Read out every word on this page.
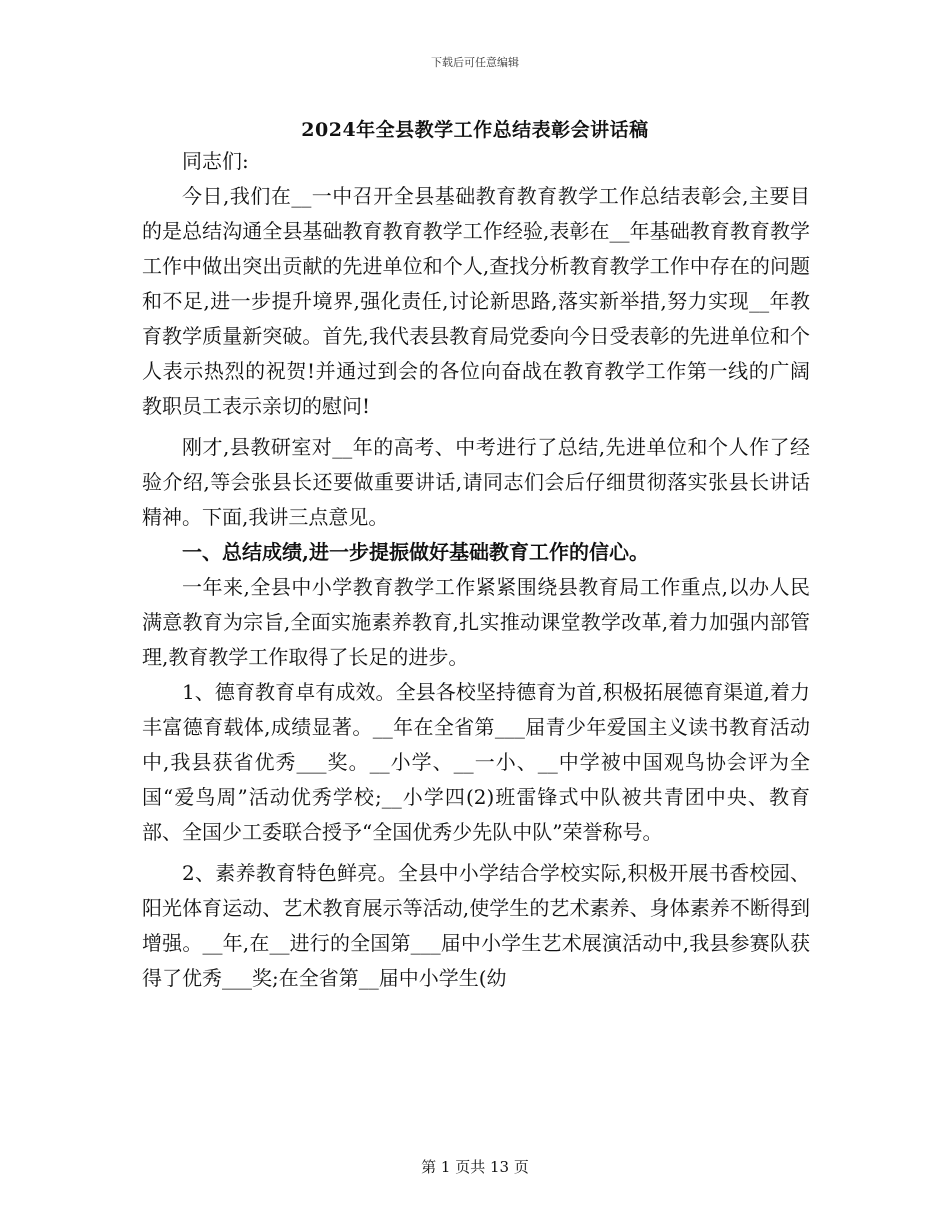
下载后可任意编辑
2024年全县教学工作总结表彰会讲话稿

同志们:

今日,我们在__一中召开全县基础教育教育教学工作总结表彰会,主要目的是总结沟通全县基础教育教育教学工作经验,表彰在__年基础教育教育教学工作中做出突出贡献的先进单位和个人,查找分析教育教学工作中存在的问题和不足,进一步提升境界,强化责任,讨论新思路,落实新举措,努力实现__年教育教学质量新突破。首先,我代表县教育局党委向今日受表彰的先进单位和个人表示热烈的祝贺!并通过到会的各位向奋战在教育教学工作第一线的广阔教职员工表示亲切的慰问!

刚才,县教研室对__年的高考、中考进行了总结,先进单位和个人作了经验介绍,等会张县长还要做重要讲话,请同志们会后仔细贯彻落实张县长讲话精神。下面,我讲三点意见。

一、总结成绩,进一步提振做好基础教育工作的信心。

一年来,全县中小学教育教学工作紧紧围绕县教育局工作重点,以办人民满意教育为宗旨,全面实施素养教育,扎实推动课堂教学改革,着力加强内部管理,教育教学工作取得了长足的进步。

1、德育教育卓有成效。全县各校坚持德育为首,积极拓展德育渠道,着力丰富德育载体,成绩显著。__年在全省第___届青少年爱国主义读书教育活动中,我县获省优秀___奖。__小学、__一小、__中学被中国观鸟协会评为全国“爱鸟周”活动优秀学校;__小学四(2)班雷锋式中队被共青团中央、教育部、全国少工委联合授予“全国优秀少先队中队”荣誉称号。

2、素养教育特色鲜亮。全县中小学结合学校实际,积极开展书香校园、阳光体育运动、艺术教育展示等活动,使学生的艺术素养、身体素养不断得到增强。__年,在__进行的全国第___届中小学生艺术展演活动中,我县参赛队获得了优秀___奖;在全省第__届中小学生(幼

第 1 页共 13 页
